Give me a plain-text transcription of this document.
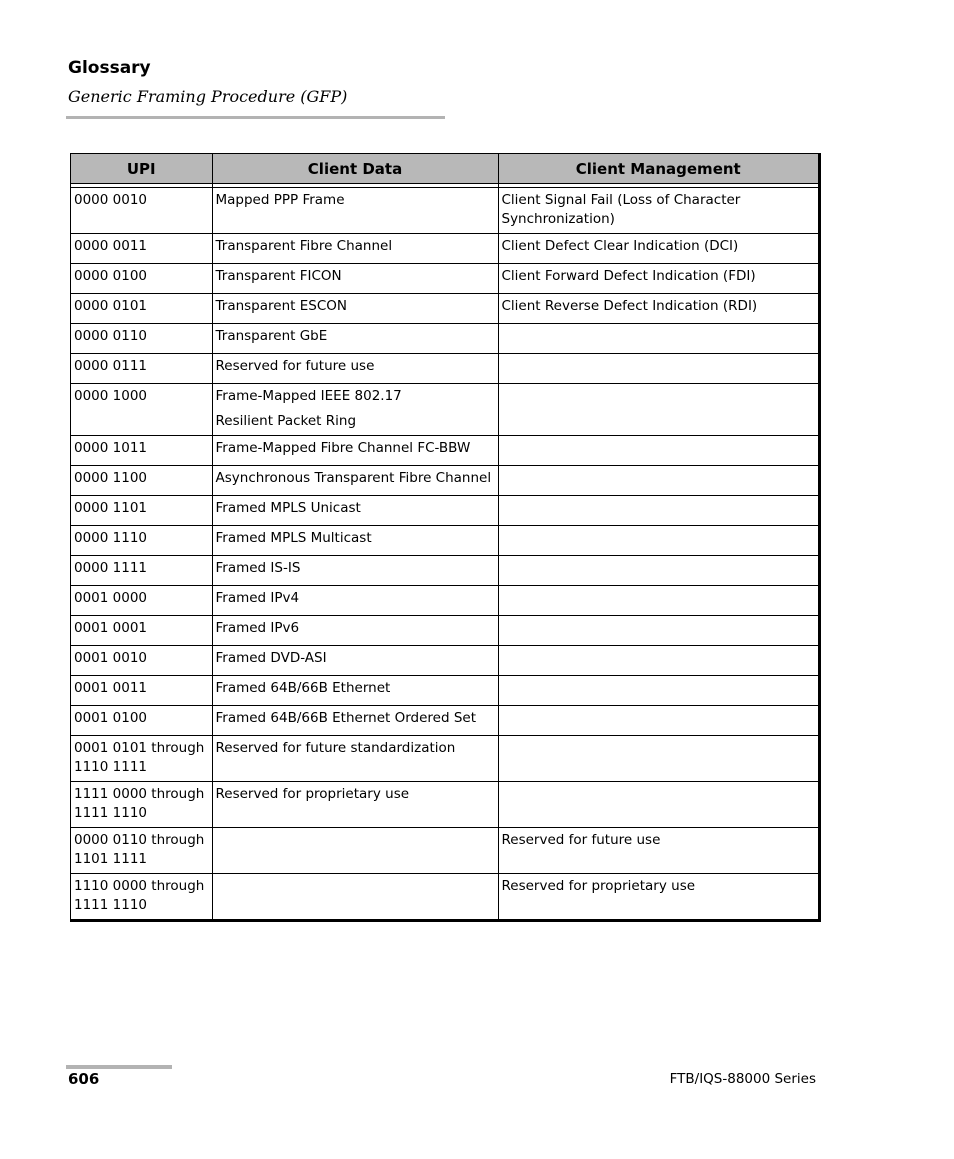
Glossary

Generic Framing Procedure (GFP)

UPI	Client Data	Client Management

0000 0010	Mapped PPP Frame	Client Signal Fail (Loss of Character Synchronization)
0000 0011	Transparent Fibre Channel	Client Defect Clear Indication (DCI)
0000 0100	Transparent FICON	Client Forward Defect Indication (FDI)
0000 0101	Transparent ESCON	Client Reverse Defect Indication (RDI)
0000 0110	Transparent GbE	
0000 0111	Reserved for future use	
0000 1000	Frame-Mapped IEEE 802.17
Resilient Packet Ring	

0000 1011	Frame-Mapped Fibre Channel FC-BBW	
0000 1100	Asynchronous Transparent Fibre Channel	
0000 1101	Framed MPLS Unicast	
0000 1110	Framed MPLS Multicast	
0000 1111	Framed IS-IS	
0001 0000	Framed IPv4	
0001 0001	Framed IPv6	
0001 0010	Framed DVD-ASI	
0001 0011	Framed 64B/66B Ethernet	
0001 0100	Framed 64B/66B Ethernet Ordered Set	
0001 0101 through 1110 1111	Reserved for future standardization	
1111 0000 through 1111 1110	Reserved for proprietary use	
0000 0110 through 1101 1111		Reserved for future use
1110 0000 through 1111 1110		Reserved for proprietary use

606	FTB/IQS-88000 Series
